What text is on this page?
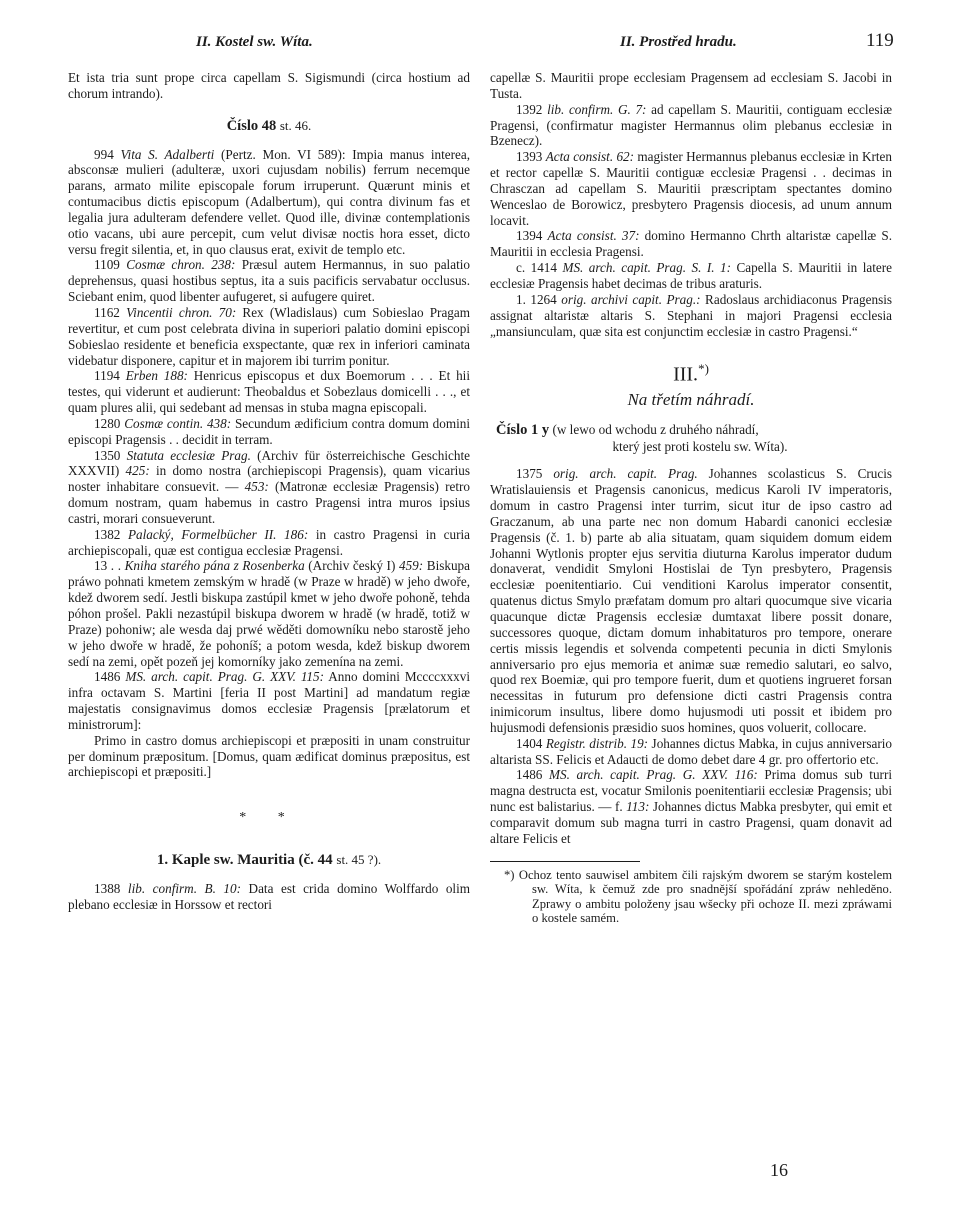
II. Kostel sw. Wíta.	II. Prostřed hradu.	119

Et ista tria sunt prope circa capellam S. Sigismundi (circa hostium ad chorum intrando).

Číslo 48 st. 46.

994 Vita S. Adalberti (Pertz. Mon. VI 589): Impia manus interea, absconsæ mulieri (adulteræ, uxori cujusdam nobilis) ferrum necemque parans, armato milite episcopale forum irruperunt. Quærunt minis et contumacibus dictis episcopum (Adalbertum), qui contra divinum fas et legalia jura adulteram defendere vellet. Quod ille, divinæ contemplationis otio vacans, ubi aure percepit, cum velut divisæ noctis hora esset, dicto versu fregit silentia, et, in quo clausus erat, exivit de templo etc.

1109 Cosmæ chron. 238: Præsul autem Hermannus, in suo palatio deprehensus, quasi hostibus septus, ita a suis pacificis servabatur occlusus. Sciebant enim, quod libenter aufugeret, si aufugere quiret.

1162 Vincentii chron. 70: Rex (Wladislaus) cum Sobieslao Pragam revertitur, et cum post celebrata divina in superiori palatio domini episcopi Sobieslao residente et beneficia exspectante, quæ rex in inferiori caminata videbatur disponere, capitur et in majorem ibi turrim ponitur.

1194 Erben 188: Henricus episcopus et dux Boemorum . . . Et hii testes, qui viderunt et audierunt: Theobaldus et Sobezlaus domicelli . . ., et quam plures alii, qui sedebant ad mensas in stuba magna episcopali.

1280 Cosmæ contin. 438: Secundum ædificium contra domum domini episcopi Pragensis . . decidit in terram.

1350 Statuta ecclesiæ Prag. (Archiv für österreichische Geschichte XXXVII) 425: in domo nostra (archiepiscopi Pragensis), quam vicarius noster inhabitare consuevit. — 453: (Matronæ ecclesiæ Pragensis) retro domum nostram, quam habemus in castro Pragensi intra muros ipsius castri, morari consueverunt.

1382 Palacký, Formelbücher II. 186: in castro Pragensi in curia archiepiscopali, quæ est contigua ecclesiæ Pragensi.

13 . . Kniha starého pána z Rosenberka (Archiv český I) 459: Biskupa práwo pohnati kmetem zemským w hradě (w Praze w hradě) w jeho dwoře, kdež dworem sedí. Jestli biskupa zastúpil kmet w jeho dwoře pohoně, tehda póhon prošel. Pakli nezastúpil biskupa dworem w hradě (w hradě, totiž w Praze) pohoniw; ale wesda daj prwé wěděti domowníku nebo starostě jeho w jeho dwoře w hradě, že pohoníš; a potom wesda, kdež biskup dworem sedí na zemi, opět pozeň jej komorníky jako zemenína na zemi.

1486 MS. arch. capit. Prag. G. XXV. 115: Anno domini Mccccxxxvi infra octavam S. Martini [feria II post Martini] ad mandatum regiæ majestatis consignavimus domos ecclesiæ Pragensis [prælatorum et ministrorum]:

Primo in castro domus archiepiscopi et præpositi in unam construitur per dominum præpositum. [Domus, quam ædificat dominus præpositus, est archiepiscopi et præpositi.]

* *

1. Kaple sw. Mauritia (č. 44 st. 45 ?).

1388 lib. confirm. B. 10: Data est crida domino Wolffardo olim plebano ecclesiæ in Horssow et rectori

capellæ S. Mauritii prope ecclesiam Pragensem ad ecclesiam S. Jacobi in Tusta.

1392 lib. confirm. G. 7: ad capellam S. Mauritii, contiguam ecclesiæ Pragensi, (confirmatur magister Hermannus olim plebanus ecclesiæ in Bzenecz).

1393 Acta consist. 62: magister Hermannus plebanus ecclesiæ in Krten et rector capellæ S. Mauritii contiguæ ecclesiæ Pragensi . . decimas in Chrasczan ad capellam S. Mauritii præscriptam spectantes domino Wenceslao de Borowicz, presbytero Pragensis diocesis, ad unum annum locavit.

1394 Acta consist. 37: domino Hermanno Chrth altaristæ capellæ S. Mauritii in ecclesia Pragensi.

c. 1414 MS. arch. capit. Prag. S. I. 1: Capella S. Mauritii in latere ecclesiæ Pragensis habet decimas de tribus araturis.

1. 1264 orig. archivi capit. Prag.: Radoslaus archidiaconus Pragensis assignat altaristæ altaris S. Stephani in majori Pragensi ecclesia „mansiunculam, quæ sita est conjunctim ecclesiæ in castro Pragensi.“

III.*)

Na třetím náhradí.

Číslo 1 y (w lewo od wchodu z druhého náhradí,
který jest proti kostelu sw. Wíta).

1375 orig. arch. capit. Prag. Johannes scolasticus S. Crucis Wratislauiensis et Pragensis canonicus, medicus Karoli IV imperatoris, domum in castro Pragensi inter turrim, sicut itur de ipso castro ad Graczanum, ab una parte nec non domum Habardi canonici ecclesiæ Pragensis (č. 1. b) parte ab alia situatam, quam siquidem domum eidem Johanni Wytlonis propter ejus servitia diuturna Karolus imperator dudum donaverat, vendidit Smyloni Hostislai de Tyn presbytero, Pragensis ecclesiæ poenitentiario. Cui venditioni Karolus imperator consentit, quatenus dictus Smylo præfatam domum pro altari quocumque sive vicaria quacunque dictæ Pragensis ecclesiæ dumtaxat libere possit donare, successores quoque, dictam domum inhabitaturos pro tempore, onerare certis missis legendis et solvenda competenti pecunia in dicti Smylonis anniversario pro ejus memoria et animæ suæ remedio salutari, eo salvo, quod rex Boemiæ, qui pro tempore fuerit, dum et quotiens ingrueret forsan necessitas in futurum pro defensione dicti castri Pragensis contra inimicorum insultus, libere domo hujusmodi uti possit et ibidem pro hujusmodi defensionis præsidio suos homines, quos voluerit, collocare.

1404 Registr. distrib. 19: Johannes dictus Mabka, in cujus anniversario altarista SS. Felicis et Adaucti de domo debet dare 4 gr. pro offertorio etc.

1486 MS. arch. capit. Prag. G. XXV. 116: Prima domus sub turri magna destructa est, vocatur Smilonis poenitentiarii ecclesiæ Pragensis; ubi nunc est balistarius. — f. 113: Johannes dictus Mabka presbyter, qui emit et comparavit domum sub magna turri in castro Pragensi, quam donavit ad altare Felicis et

*) Ochoz tento sauwisel ambitem čili rajským dworem se starým kostelem sw. Wíta, k čemuž zde pro snadnější spořádání zpráw nehleděno. Zprawy o ambitu položeny jsau wšecky při ochoze II. mezi zpráwami o kostele samém.

16
